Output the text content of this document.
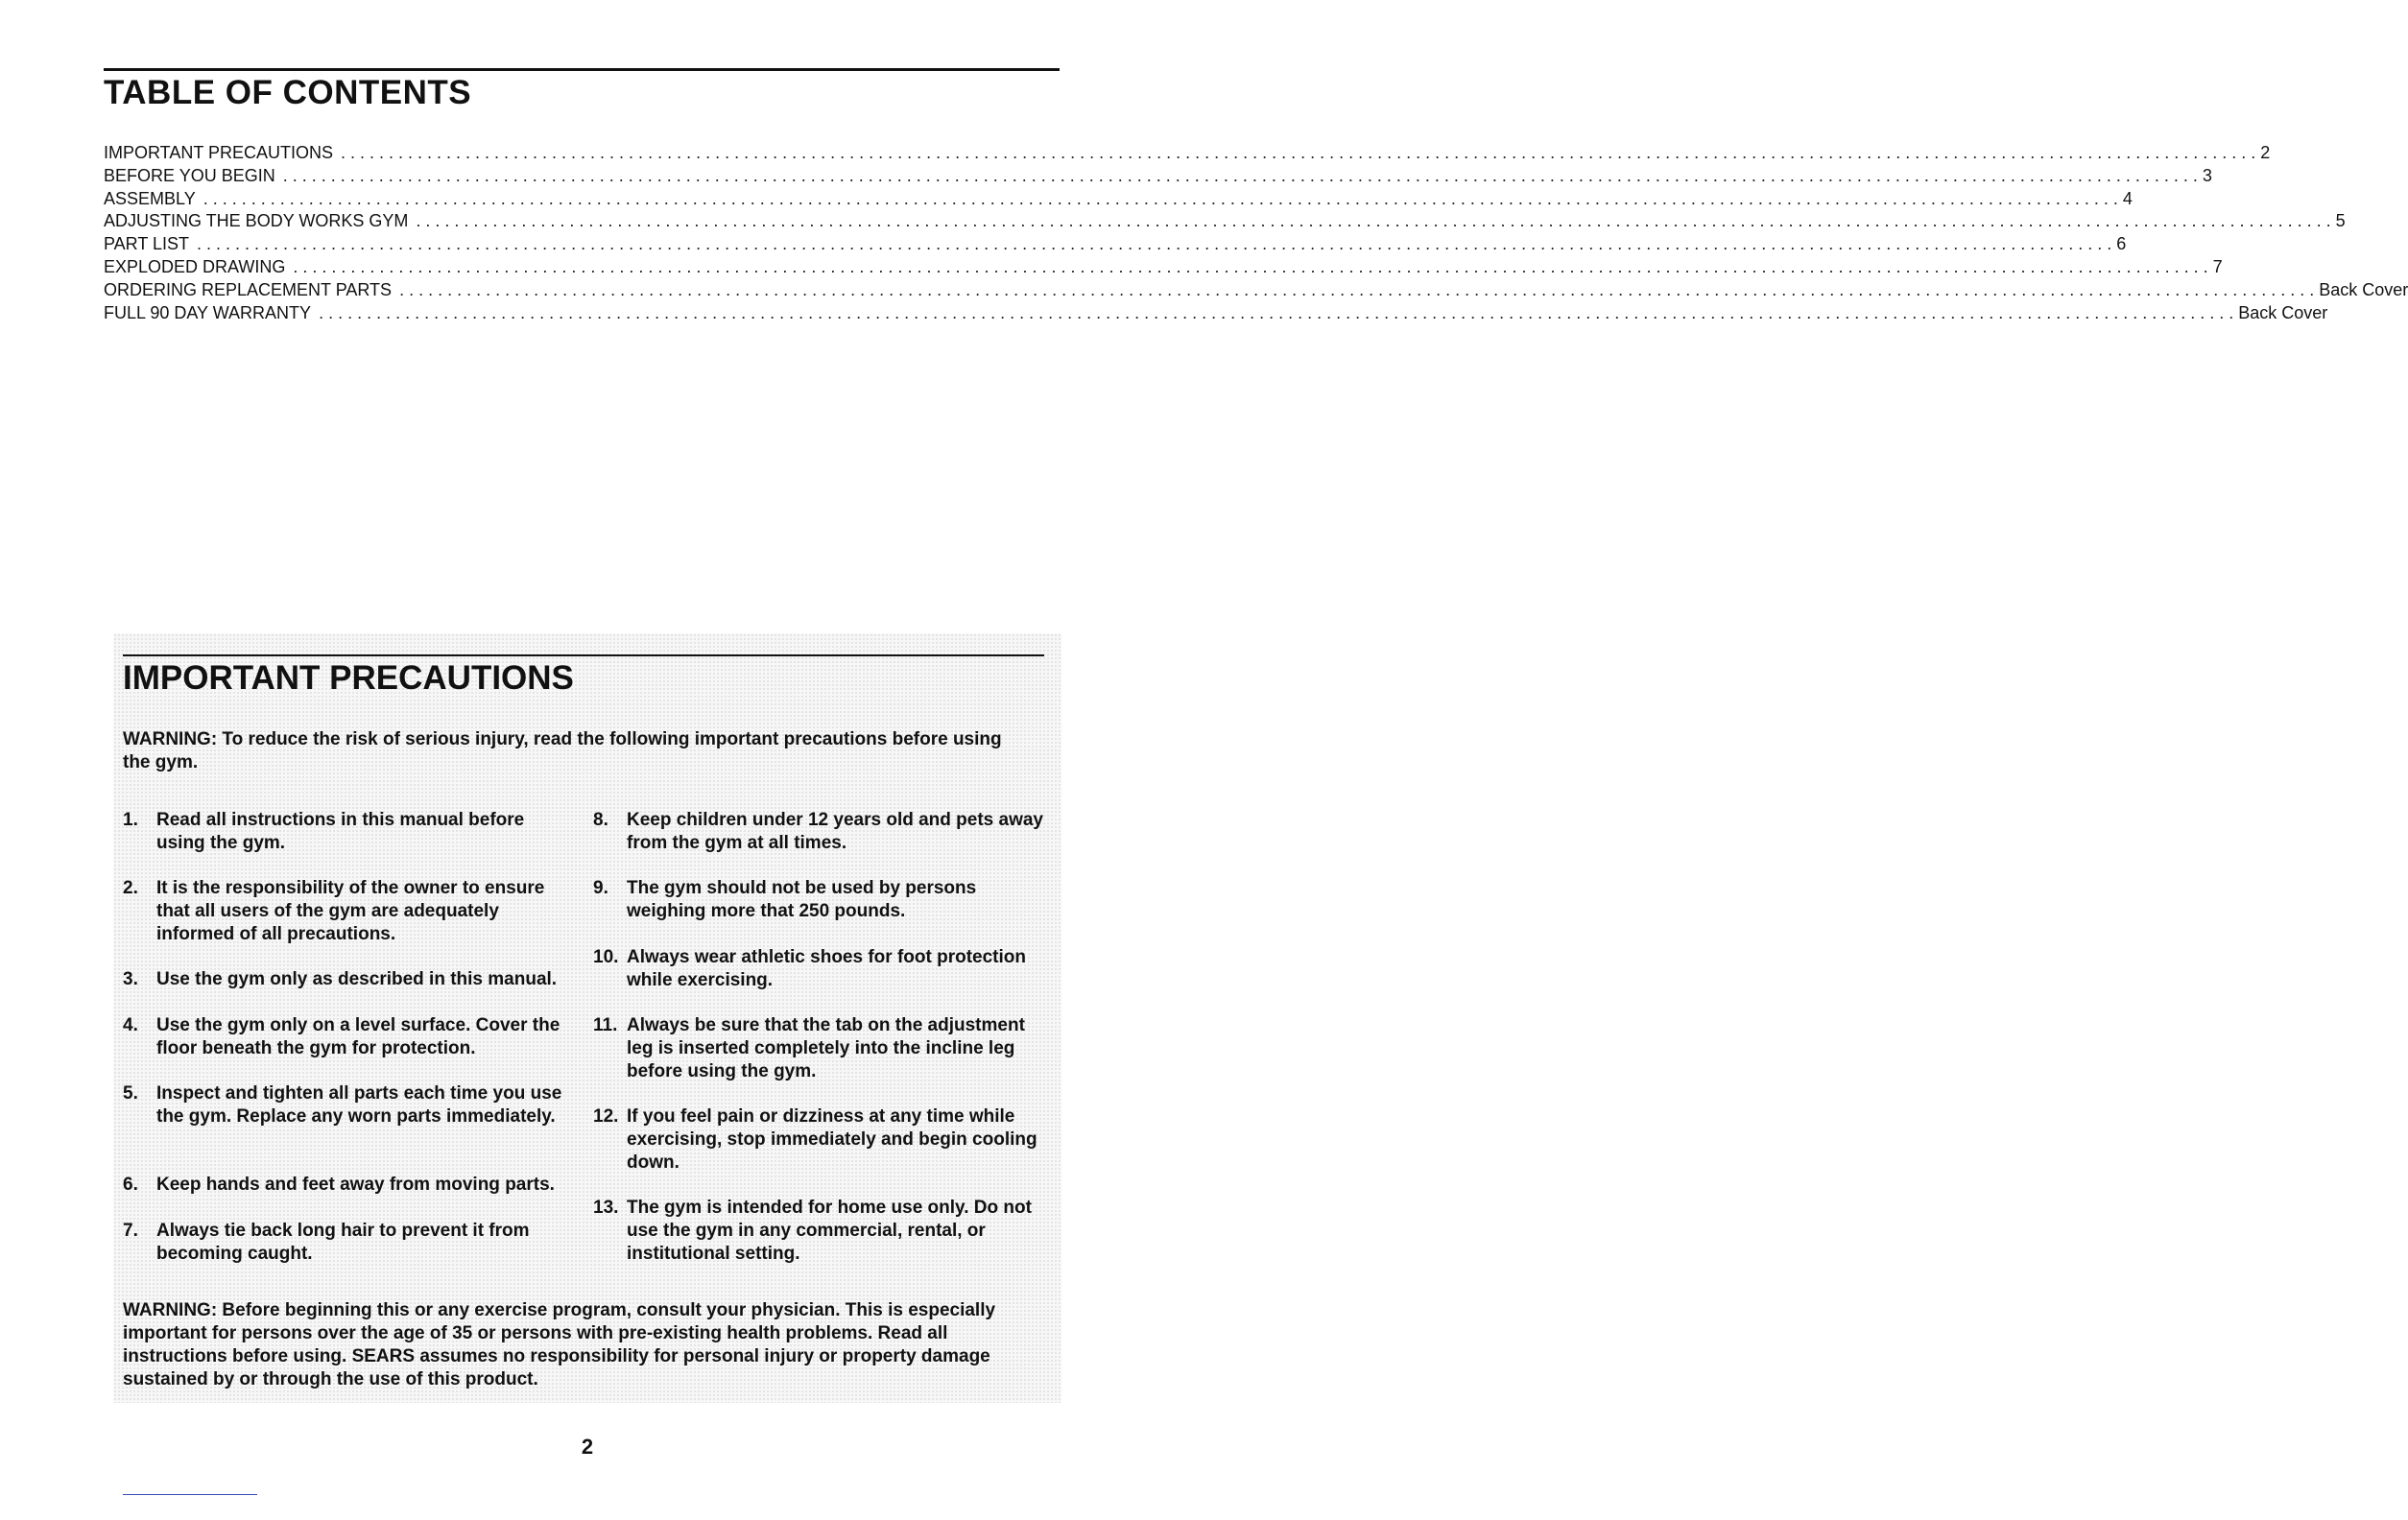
TABLE OF CONTENTS
IMPORTANT PRECAUTIONS ........................................................................................................................................................................................................ 2
BEFORE YOU BEGIN ........................................................................................................................................................................................................ 3
ASSEMBLY ........................................................................................................................................................................................................ 4
ADJUSTING THE BODY WORKS GYM ........................................................................................................................................................................................................ 5
PART LIST ........................................................................................................................................................................................................ 6
EXPLODED DRAWING ........................................................................................................................................................................................................ 7
ORDERING REPLACEMENT PARTS ........................................................................................................................................................................................................ Back Cover
FULL 90 DAY WARRANTY ........................................................................................................................................................................................................ Back Cover
IMPORTANT PRECAUTIONS
WARNING: To reduce the risk of serious injury, read the following important precautions before using the gym.
1.	Read all instructions in this manual before using the gym.
2.	It is the responsibility of the owner to ensure that all users of the gym are adequately informed of all precautions.
3.	Use the gym only as described in this manual.
4.	Use the gym only on a level surface. Cover the floor beneath the gym for protection.
5.	Inspect and tighten all parts each time you use the gym. Replace any worn parts immediately.
6.	Keep hands and feet away from moving parts.
7.	Always tie back long hair to prevent it from becoming caught.
8.	Keep children under 12 years old and pets away from the gym at all times.
9.	The gym should not be used by persons weighing more that 250 pounds.
10. Always wear athletic shoes for foot protection while exercising.
11. Always be sure that the tab on the adjustment leg is inserted completely into the incline leg before using the gym.
12. If you feel pain or dizziness at any time while exercising, stop immediately and begin cooling down.
13. The gym is intended for home use only. Do not use the gym in any commercial, rental, or institutional setting.
WARNING: Before beginning this or any exercise program, consult your physician. This is especially important for persons over the age of 35 or persons with pre-existing health problems. Read all instructions before using. SEARS assumes no responsibility for personal injury or property damage sustained by or through the use of this product.
2
